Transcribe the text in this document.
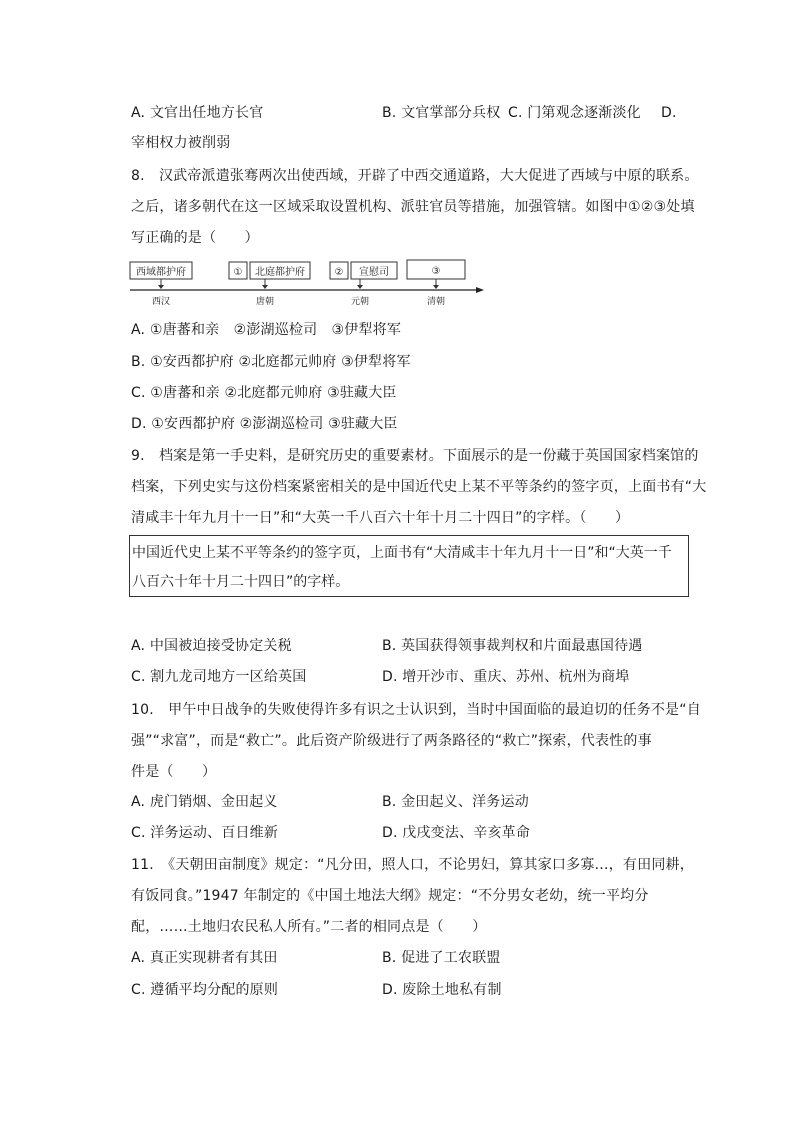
A. 文官出任地方长官	B. 文官掌部分兵权 C. 门第观念逐渐淡化 D.
宰相权力被削弱
8.　汉武帝派遣张骞两次出使西域，开辟了中西交通道路，大大促进了西域与中原的联系。
之后，诸多朝代在这一区域采取设置机构、派驻官员等措施，加强管辖。如图中①②③处填
写正确的是（　　）
西域都护府	① 北庭都护府	② 宣慰司	③
西汉	唐朝	元朝	清朝
A. ①唐蕃和亲　②澎湖巡检司　③伊犁将军
B. ①安西都护府 ②北庭都元帅府 ③伊犁将军
C. ①唐蕃和亲 ②北庭都元帅府 ③驻藏大臣
D. ①安西都护府 ②澎湖巡检司 ③驻藏大臣
9.　档案是第一手史料，是研究历史的重要素材。下面展示的是一份藏于英国国家档案馆的
档案，下列史实与这份档案紧密相关的是中国近代史上某不平等条约的签字页，上面书有“大
清咸丰十年九月十一日”和“大英一千八百六十年十月二十四日”的字样。（　　）
中国近代史上某不平等条约的签字页，上面书有“大清咸丰十年九月十一日”和“大英一千
八百六十年十月二十四日”的字样。
A. 中国被迫接受协定关税	B. 英国获得领事裁判权和片面最惠国待遇
C. 割九龙司地方一区给英国	D. 增开沙市、重庆、苏州、杭州为商埠
10.　甲午中日战争的失败使得许多有识之士认识到，当时中国面临的最迫切的任务不是“自
强”“求富”，而是“救亡”。此后资产阶级进行了两条路径的“救亡”探索，代表性的事
件是（　　）
A. 虎门销烟、金田起义	B. 金田起义、洋务运动
C. 洋务运动、百日维新	D. 戊戌变法、辛亥革命
11.　《天朝田亩制度》规定：“凡分田，照人口，不论男妇，算其家口多寡…，有田同耕，
有饭同食。”1947 年制定的《中国土地法大纲》规定：“不分男女老幼，统一平均分
配，……土地归农民私人所有。”二者的相同点是（　　）
A. 真正实现耕者有其田	B. 促进了工农联盟
C. 遵循平均分配的原则	D. 废除土地私有制
